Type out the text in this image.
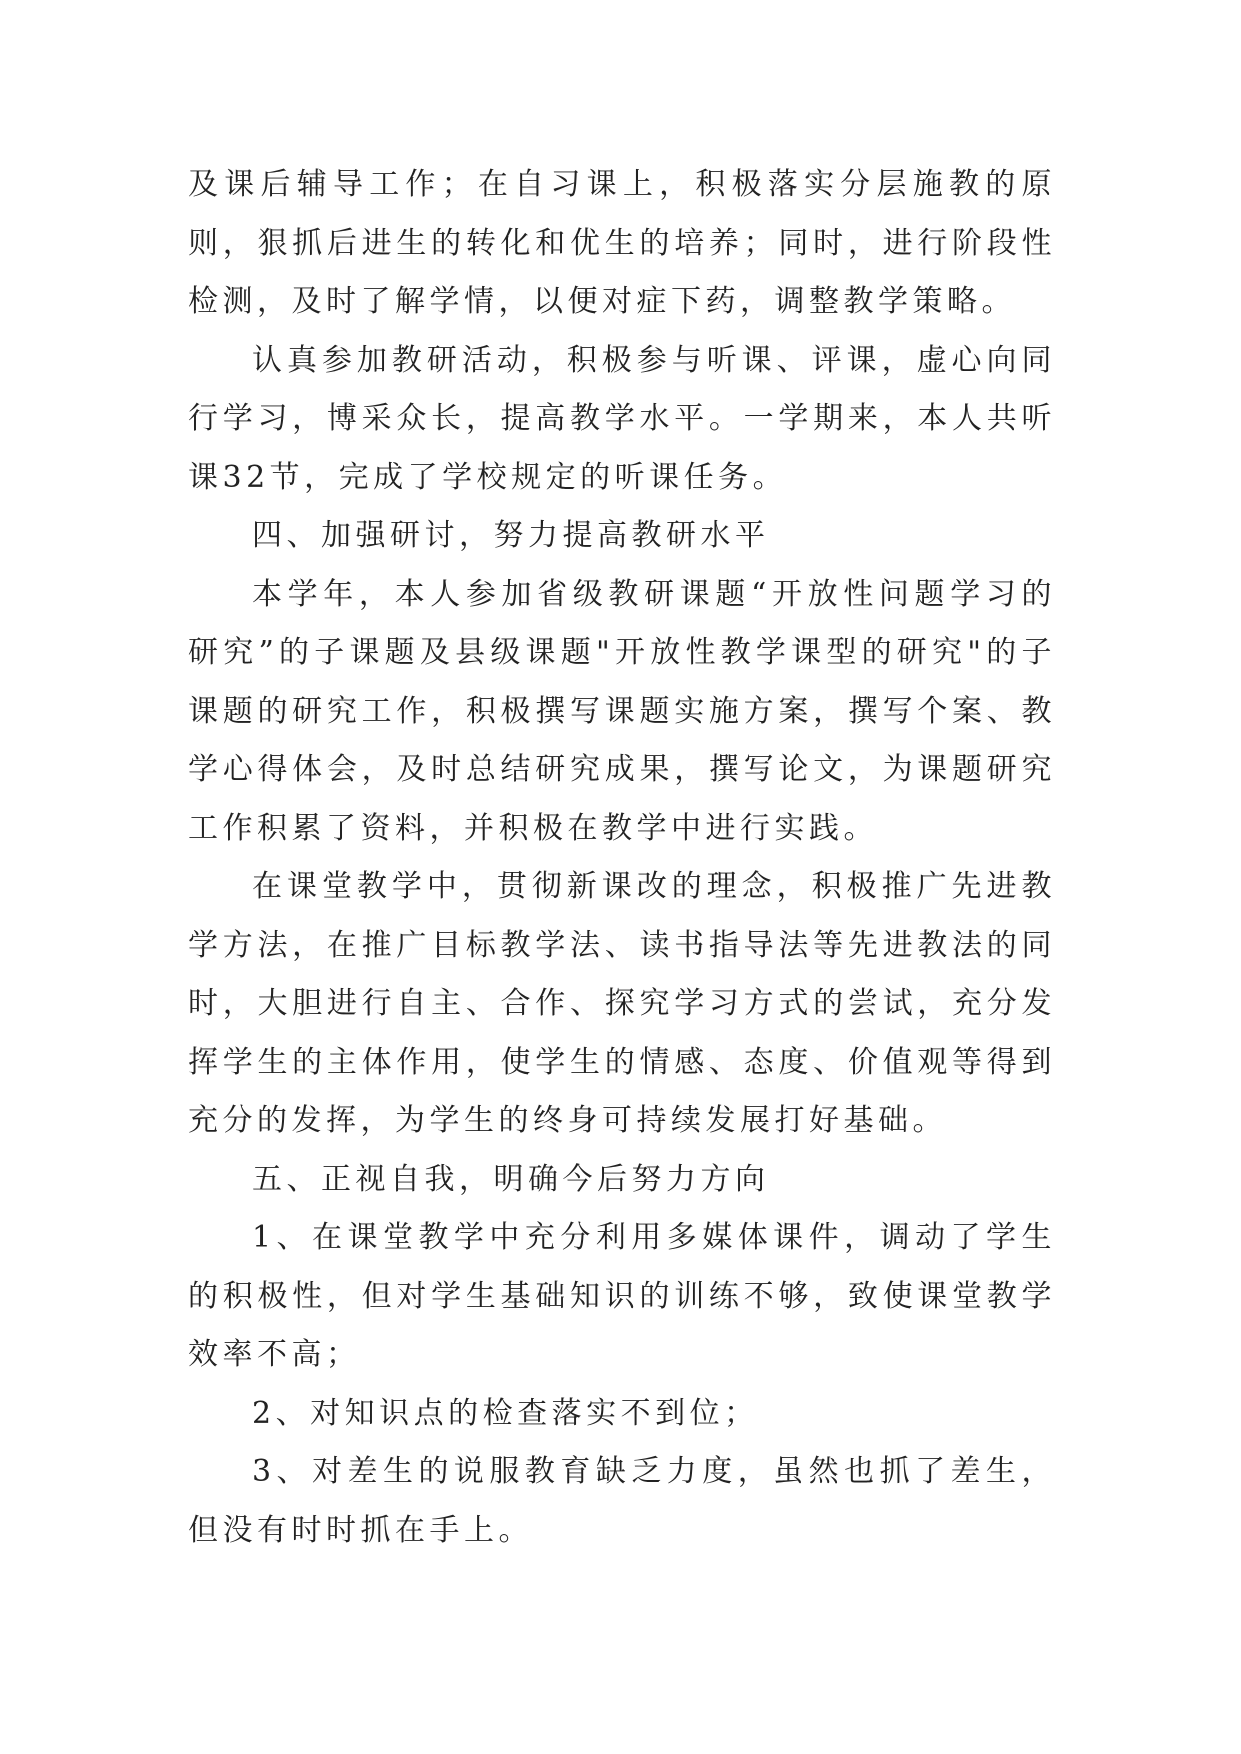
及课后辅导工作；在自习课上，积极落实分层施教的原则，狠抓后进生的转化和优生的培养；同时，进行阶段性检测，及时了解学情，以便对症下药，调整教学策略。

认真参加教研活动，积极参与听课、评课，虚心向同行学习，博采众长，提高教学水平。一学期来，本人共听课32节，完成了学校规定的听课任务。

四、加强研讨，努力提高教研水平

本学年，本人参加省级教研课题“开放性问题学习的研究”的子课题及县级课题"开放性教学课型的研究"的子课题的研究工作，积极撰写课题实施方案，撰写个案、教学心得体会，及时总结研究成果，撰写论文，为课题研究工作积累了资料，并积极在教学中进行实践。

在课堂教学中，贯彻新课改的理念，积极推广先进教学方法，在推广目标教学法、读书指导法等先进教法的同时，大胆进行自主、合作、探究学习方式的尝试，充分发挥学生的主体作用，使学生的情感、态度、价值观等得到充分的发挥，为学生的终身可持续发展打好基础。

五、正视自我，明确今后努力方向

1、在课堂教学中充分利用多媒体课件，调动了学生的积极性，但对学生基础知识的训练不够，致使课堂教学效率不高；

2、对知识点的检查落实不到位；

3、对差生的说服教育缺乏力度，虽然也抓了差生，但没有时时抓在手上。
